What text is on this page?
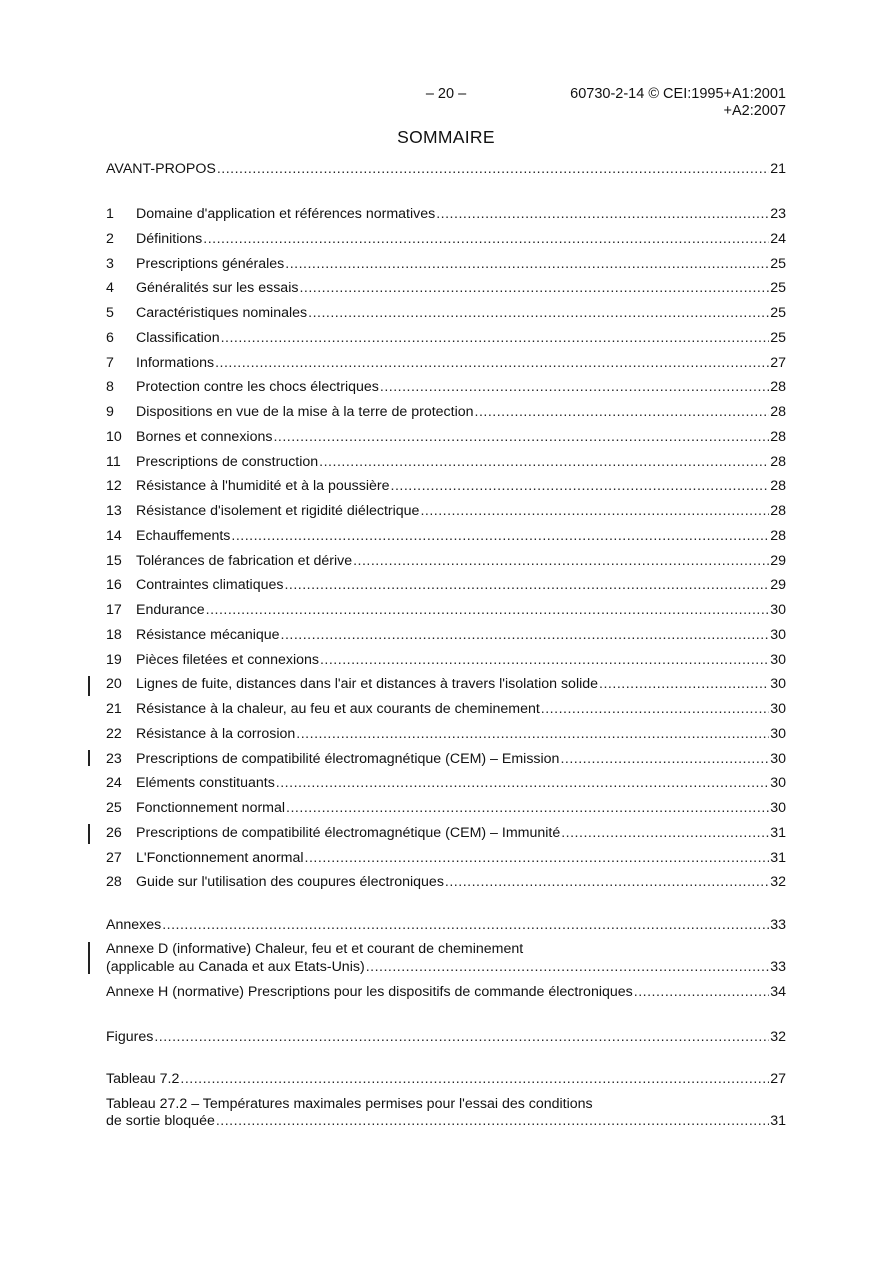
– 20 –	60730-2-14 © CEI:1995+A1:2001
+A2:2007
SOMMAIRE
AVANT-PROPOS .....	21
1	Domaine d'application et références normatives .....	23
2	Définitions .....	24
3	Prescriptions générales .....	25
4	Généralités sur les essais .....	25
5	Caractéristiques nominales .....	25
6	Classification .....	25
7	Informations .....	27
8	Protection contre les chocs électriques .....	28
9	Dispositions en vue de la mise à la terre de protection .....	28
10	Bornes et connexions .....	28
11	Prescriptions de construction .....	28
12	Résistance à l'humidité et à la poussière .....	28
13	Résistance d'isolement et rigidité diélectrique .....	28
14	Echauffements .....	28
15	Tolérances de fabrication et dérive .....	29
16	Contraintes climatiques .....	29
17	Endurance .....	30
18	Résistance mécanique .....	30
19	Pièces filetées et connexions .....	30
20	Lignes de fuite, distances dans l'air et distances à travers l'isolation solide .....	30
21	Résistance à la chaleur, au feu et aux courants de cheminement .....	30
22	Résistance à la corrosion .....	30
23	Prescriptions de compatibilité électromagnétique (CEM) – Emission .....	30
24	Eléments constituants .....	30
25	Fonctionnement normal .....	30
26	Prescriptions de compatibilité électromagnétique (CEM) – Immunité .....	31
27	L'Fonctionnement anormal .....	31
28	Guide sur l'utilisation des coupures électroniques .....	32
Annexes .....	33
Annexe D (informative) Chaleur, feu et et courant de cheminement
(applicable au Canada et aux Etats-Unis) .....	33
Annexe H (normative) Prescriptions pour les dispositifs de commande électroniques .....	34
Figures .....	32
Tableau 7.2 .....	27
Tableau 27.2 – Températures maximales permises pour l'essai des conditions
de sortie bloquée .....	31
